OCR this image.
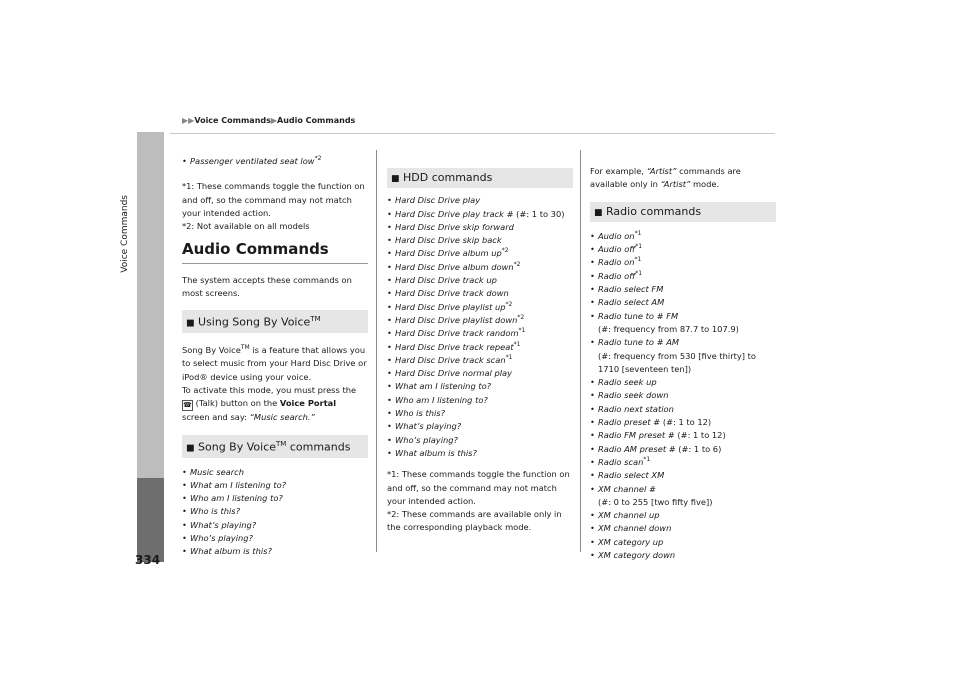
Voice Commands
334
▶▶Voice Commands▶Audio Commands
• Passenger ventilated seat low$^{*2}$

*1: These commands toggle the function on and off, so the command may not match your intended action.

*2: Not available on all models

Audio Commands

The system accepts these commands on most screens.

■ Using Song By Voice™

Song By Voice™ is a feature that allows you to select music from your Hard Disc Drive or iPod® device using your voice.

To activate this mode, you must press the
☎ (Talk) button on the Voice Portal
screen and say: “Music search.”

■ Song By Voice™ commands
• Music search
• What am I listening to?
• Who am I listening to?
• Who is this?
• What’s playing?
• Who’s playing?
• What album is this?
■ HDD commands
• Hard Disc Drive play
• Hard Disc Drive play track # (#: 1 to 30)
• Hard Disc Drive skip forward
• Hard Disc Drive skip back
• Hard Disc Drive album $up^{*2}$
• Hard Disc Drive album down$^{*2}$
• Hard Disc Drive track up
• Hard Disc Drive track down
• Hard Disc Drive playlist $up^{*2}$
• Hard Disc Drive playlist down$^{*2}$
• Hard Disc Drive track random$^{*1}$
• Hard Disc Drive track repeat$^{*1}$
• Hard Disc Drive track scan$^{*1}$
• Hard Disc Drive normal play
• What am I listening to?
• Who am I listening to?
• Who is this?
• What’s playing?
• Who’s playing?
• What album is this?

*1: These commands toggle the function on and off, so the command may not match your intended action.

*2: These commands are available only in the corresponding playback mode.

For example, “Artist” commands are available only in “Artist” mode.

■ Radio commands
• Audio $on^{*1}$
• Audio off$^{*1}$
• Radio $on^{*1}$
• Radio off$^{*1}$
• Radio select FM
• Radio select AM
• Radio tune to # FM
(#: frequency from 87.7 to 107.9)
• Radio tune to # AM
(#: frequency from 530 [five thirty] to 1710 [seventeen ten])
• Radio seek up
• Radio seek down
• Radio next station
• Radio preset # (#: 1 to 12)
• Radio FM preset # (#: 1 to 12)
• Radio AM preset # (#: 1 to 6)
• Radio scan$^{*1}$
• Radio select XM
• XM channel #
(#: 0 to 255 [two fifty five])
• XM channel up
• XM channel down
• XM category up
• XM category down
